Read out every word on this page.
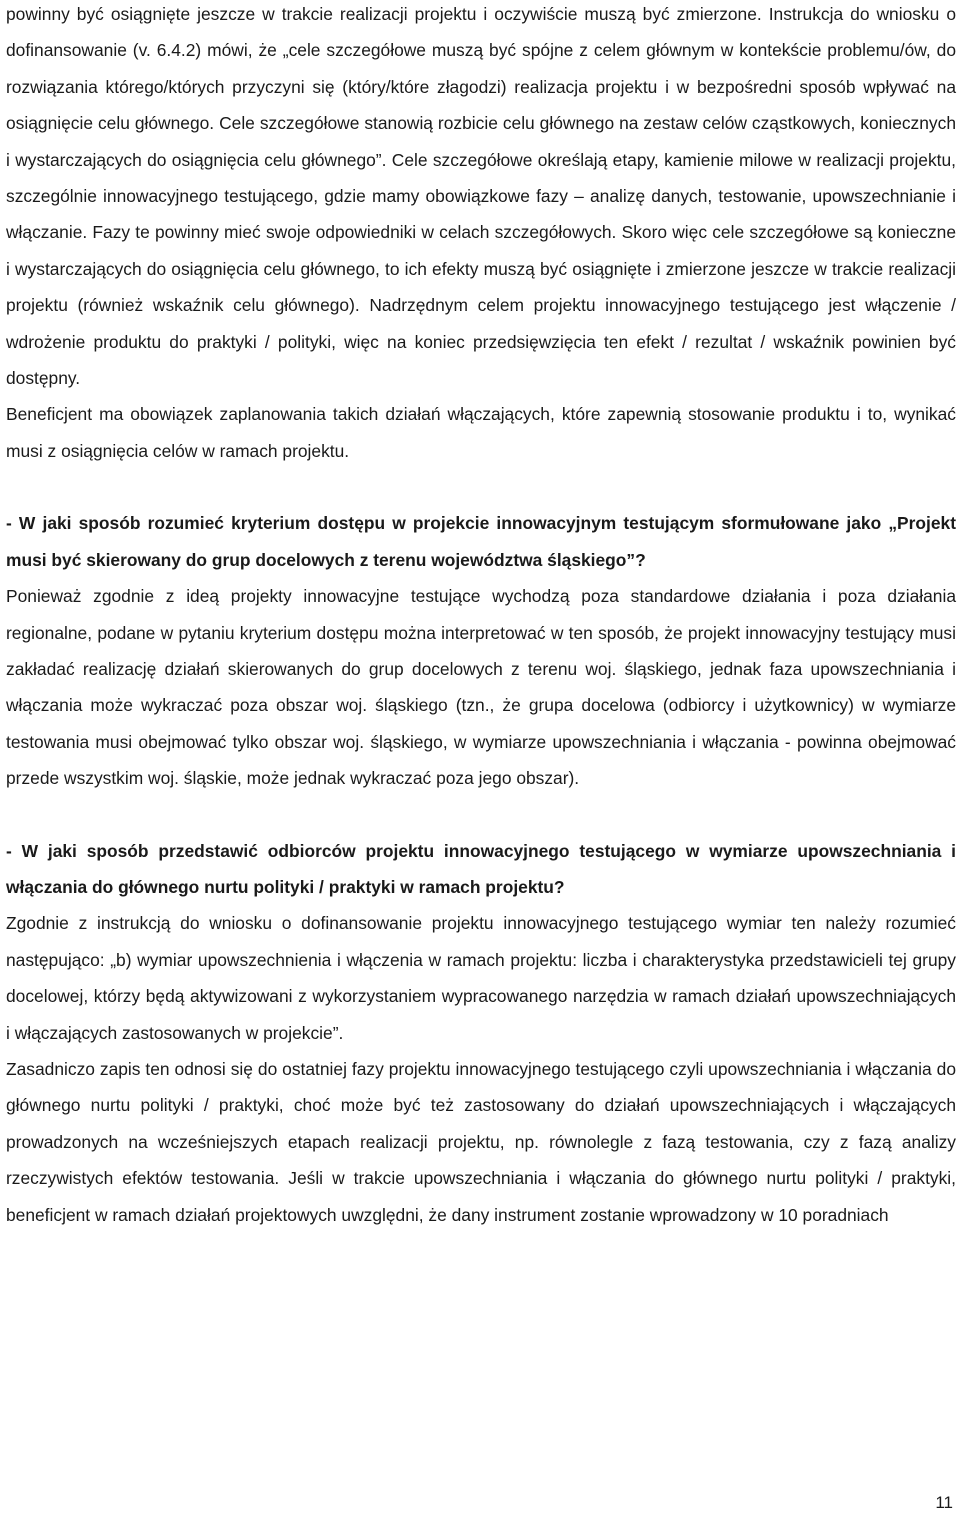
powinny być osiągnięte jeszcze w trakcie realizacji projektu i oczywiście muszą być zmierzone. Instrukcja do wniosku o dofinansowanie (v. 6.4.2) mówi, że „cele szczegółowe muszą być spójne z celem głównym w kontekście problemu/ów, do rozwiązania którego/których przyczyni się (który/które złagodzi) realizacja projektu i w bezpośredni sposób wpływać na osiągnięcie celu głównego. Cele szczegółowe stanowią rozbicie celu głównego na zestaw celów cząstkowych, koniecznych i wystarczających do osiągnięcia celu głównego”. Cele szczegółowe określają etapy, kamienie milowe w realizacji projektu, szczególnie innowacyjnego testującego, gdzie mamy obowiązkowe fazy – analizę danych, testowanie, upowszechnianie i włączanie. Fazy te powinny mieć swoje odpowiedniki w celach szczegółowych. Skoro więc cele szczegółowe są konieczne i wystarczających do osiągnięcia celu głównego, to ich efekty muszą być osiągnięte i zmierzone jeszcze w trakcie realizacji projektu (również wskaźnik celu głównego). Nadrzędnym celem projektu innowacyjnego testującego jest włączenie / wdrożenie produktu do praktyki / polityki, więc na koniec przedsięwzięcia ten efekt / rezultat / wskaźnik powinien być dostępny.

Beneficjent ma obowiązek zaplanowania takich działań włączających, które zapewnią stosowanie produktu i to, wynikać musi z osiągnięcia celów w ramach projektu.

- W jaki sposób rozumieć kryterium dostępu w projekcie innowacyjnym testującym sformułowane jako „Projekt musi być skierowany do grup docelowych z terenu województwa śląskiego”?

Ponieważ zgodnie z ideą projekty innowacyjne testujące wychodzą poza standardowe działania i poza działania regionalne, podane w pytaniu kryterium dostępu można interpretować w ten sposób, że projekt innowacyjny testujący musi zakładać realizację działań skierowanych do grup docelowych z terenu woj. śląskiego, jednak faza upowszechniania i włączania może wykraczać poza obszar woj. śląskiego (tzn., że grupa docelowa (odbiorcy i użytkownicy) w wymiarze testowania musi obejmować tylko obszar woj. śląskiego, w wymiarze upowszechniania i włączania - powinna obejmować przede wszystkim woj. śląskie, może jednak wykraczać poza jego obszar).

- W jaki sposób przedstawić odbiorców projektu innowacyjnego testującego w wymiarze upowszechniania i włączania do głównego nurtu polityki / praktyki w ramach projektu?

Zgodnie z instrukcją do wniosku o dofinansowanie projektu innowacyjnego testującego wymiar ten należy rozumieć następująco: „b) wymiar upowszechnienia i włączenia w ramach projektu: liczba i charakterystyka przedstawicieli tej grupy docelowej, którzy będą aktywizowani z wykorzystaniem wypracowanego narzędzia w ramach działań upowszechniających i włączających zastosowanych w projekcie”.

Zasadniczo zapis ten odnosi się do ostatniej fazy projektu innowacyjnego testującego czyli upowszechniania i włączania do głównego nurtu polityki / praktyki, choć może być też zastosowany do działań upowszechniających i włączających prowadzonych na wcześniejszych etapach realizacji projektu, np. równolegle z fazą testowania, czy z fazą analizy rzeczywistych efektów testowania. Jeśli w trakcie upowszechniania i włączania do głównego nurtu polityki / praktyki, beneficjent w ramach działań projektowych uwzględni, że dany instrument zostanie wprowadzony w 10 poradniach

11
